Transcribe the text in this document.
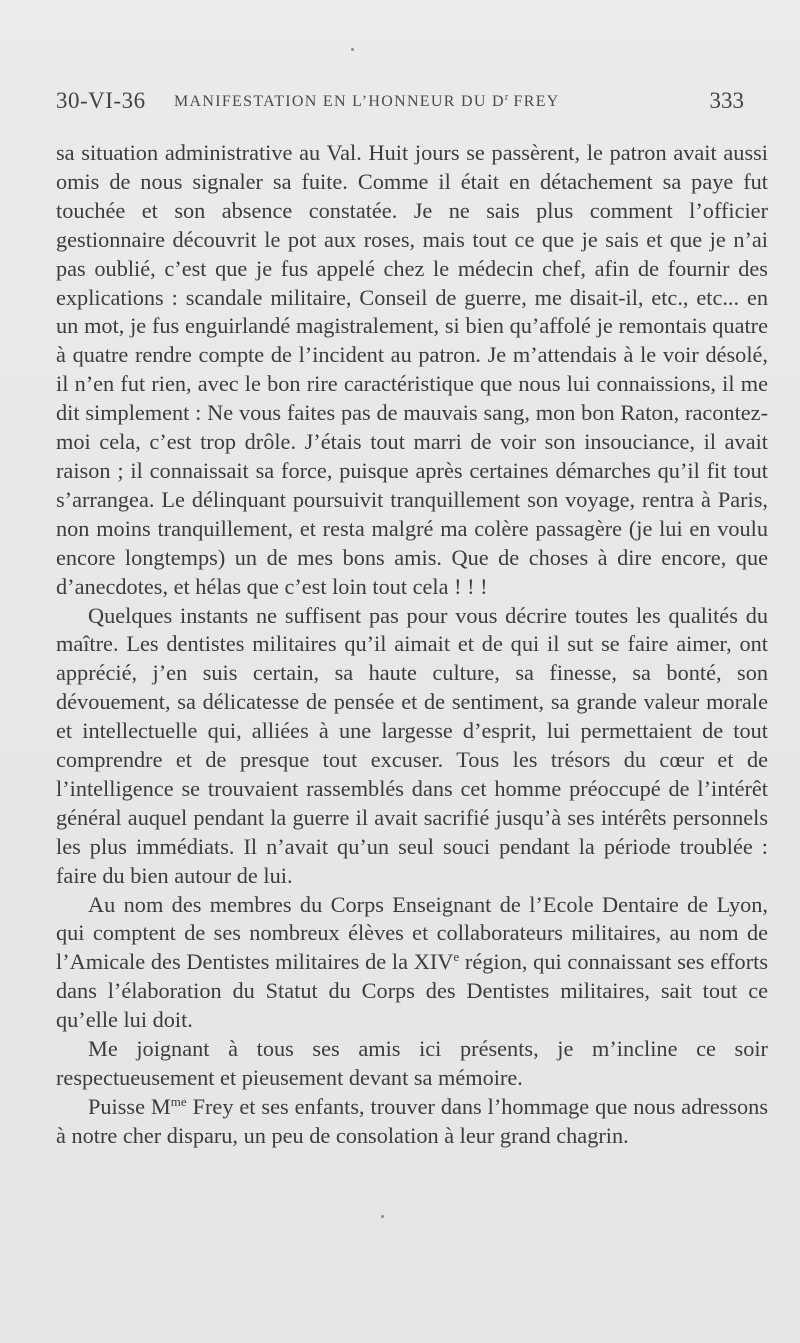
30-VI-36 MANIFESTATION EN L’HONNEUR DU $D^r$ FREY	333

sa situation administrative au Val. Huit jours se passèrent, le patron avait aussi omis de nous signaler sa fuite. Comme il était en détachement sa paye fut touchée et son absence constatée. Je ne sais plus comment l’officier gestionnaire découvrit le pot aux roses, mais tout ce que je sais et que je n’ai pas oublié, c’est que je fus appelé chez le médecin chef, afin de fournir des explications : scandale militaire, Conseil de guerre, me disait-il, etc., etc... en un mot, je fus enguirlandé magistralement, si bien qu’affolé je remontais quatre à quatre rendre compte de l’incident au patron. Je m’attendais à le voir désolé, il n’en fut rien, avec le bon rire caractéristique que nous lui connaissions, il me dit simplement : Ne vous faites pas de mauvais sang, mon bon Raton, racontez-moi cela, c’est trop drôle. J’étais tout marri de voir son insouciance, il avait raison ; il connaissait sa force, puisque après certaines démarches qu’il fit tout s’arrangea. Le délinquant poursuivit tranquillement son voyage, rentra à Paris, non moins tranquillement, et resta malgré ma colère passagère (je lui en voulu encore longtemps) un de mes bons amis. Que de choses à dire encore, que d’anecdotes, et hélas que c’est loin tout cela ! ! !

Quelques instants ne suffisent pas pour vous décrire toutes les qualités du maître. Les dentistes militaires qu’il aimait et de qui il sut se faire aimer, ont apprécié, j’en suis certain, sa haute culture, sa finesse, sa bonté, son dévouement, sa délicatesse de pensée et de sentiment, sa grande valeur morale et intellectuelle qui, alliées à une largesse d’esprit, lui permettaient de tout comprendre et de presque tout excuser. Tous les trésors du cœur et de l’intelligence se trouvaient rassemblés dans cet homme préoccupé de l’intérêt général auquel pendant la guerre il avait sacrifié jusqu’à ses intérêts personnels les plus immédiats. Il n’avait qu’un seul souci pendant la période troublée : faire du bien autour de lui.

Au nom des membres du Corps Enseignant de l’Ecole Dentaire de Lyon, qui comptent de ses nombreux élèves et collaborateurs militaires, au nom de l’Amicale des Dentistes militaires de la XIVe région, qui connaissant ses efforts dans l’élaboration du Statut du Corps des Dentistes militaires, sait tout ce qu’elle lui doit.

Me joignant à tous ses amis ici présents, je m’incline ce soir respectueusement et pieusement devant sa mémoire.

Puisse $M^{me}$ Frey et ses enfants, trouver dans l’hommage que nous adressons à notre cher disparu, un peu de consolation à leur grand chagrin.
